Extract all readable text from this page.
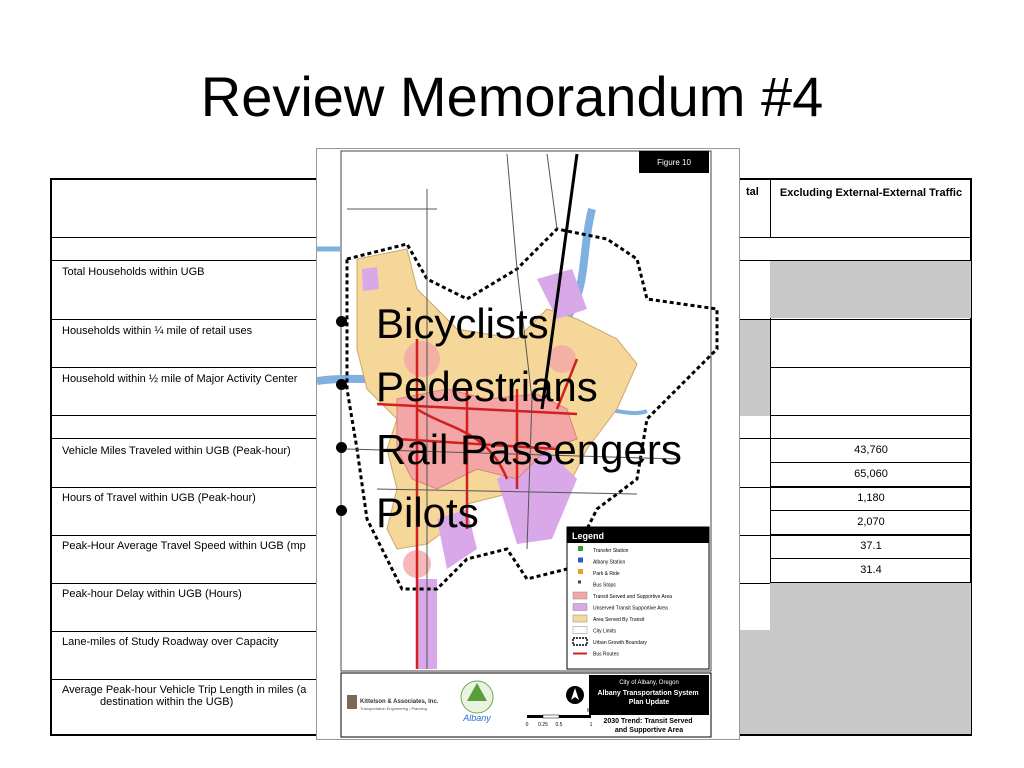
Review Memorandum #4
tal	Excluding External-External Traffic
Total Households within UGB
Households within ¼ mile of retail uses
Household within ½ mile of Major Activity Center
Vehicle Miles Traveled within UGB (Peak-hour)
Hours of Travel within UGB (Peak-hour)
Peak-Hour Average Travel Speed within UGB (mp
Peak-hour Delay within UGB (Hours)
Lane-miles of Study Roadway over Capacity
Average Peak-hour Vehicle Trip Length in miles (a
destination within the UGB)
43,760
65,060
1,180
2,070
37.1
31.4
Figure 10
Legend
Transfer Station
Albany Station
Park & Ride
Bus Stops
Transit Served and Supportive Area
Unserved Transit Supportive Area
Area Served By Transit
City Limits
Urban Growth Boundary
Bus Routes
City of Albany, Oregon
Albany Transportation System Plan Update
2030 Trend: Transit Served and Supportive Area
Kittelson & Associates, Inc.
Transportation Engineering / Planning
Albany
0 0.25 0.5	1
Miles
Bicyclists
Pedestrians
Rail Passengers
Pilots
